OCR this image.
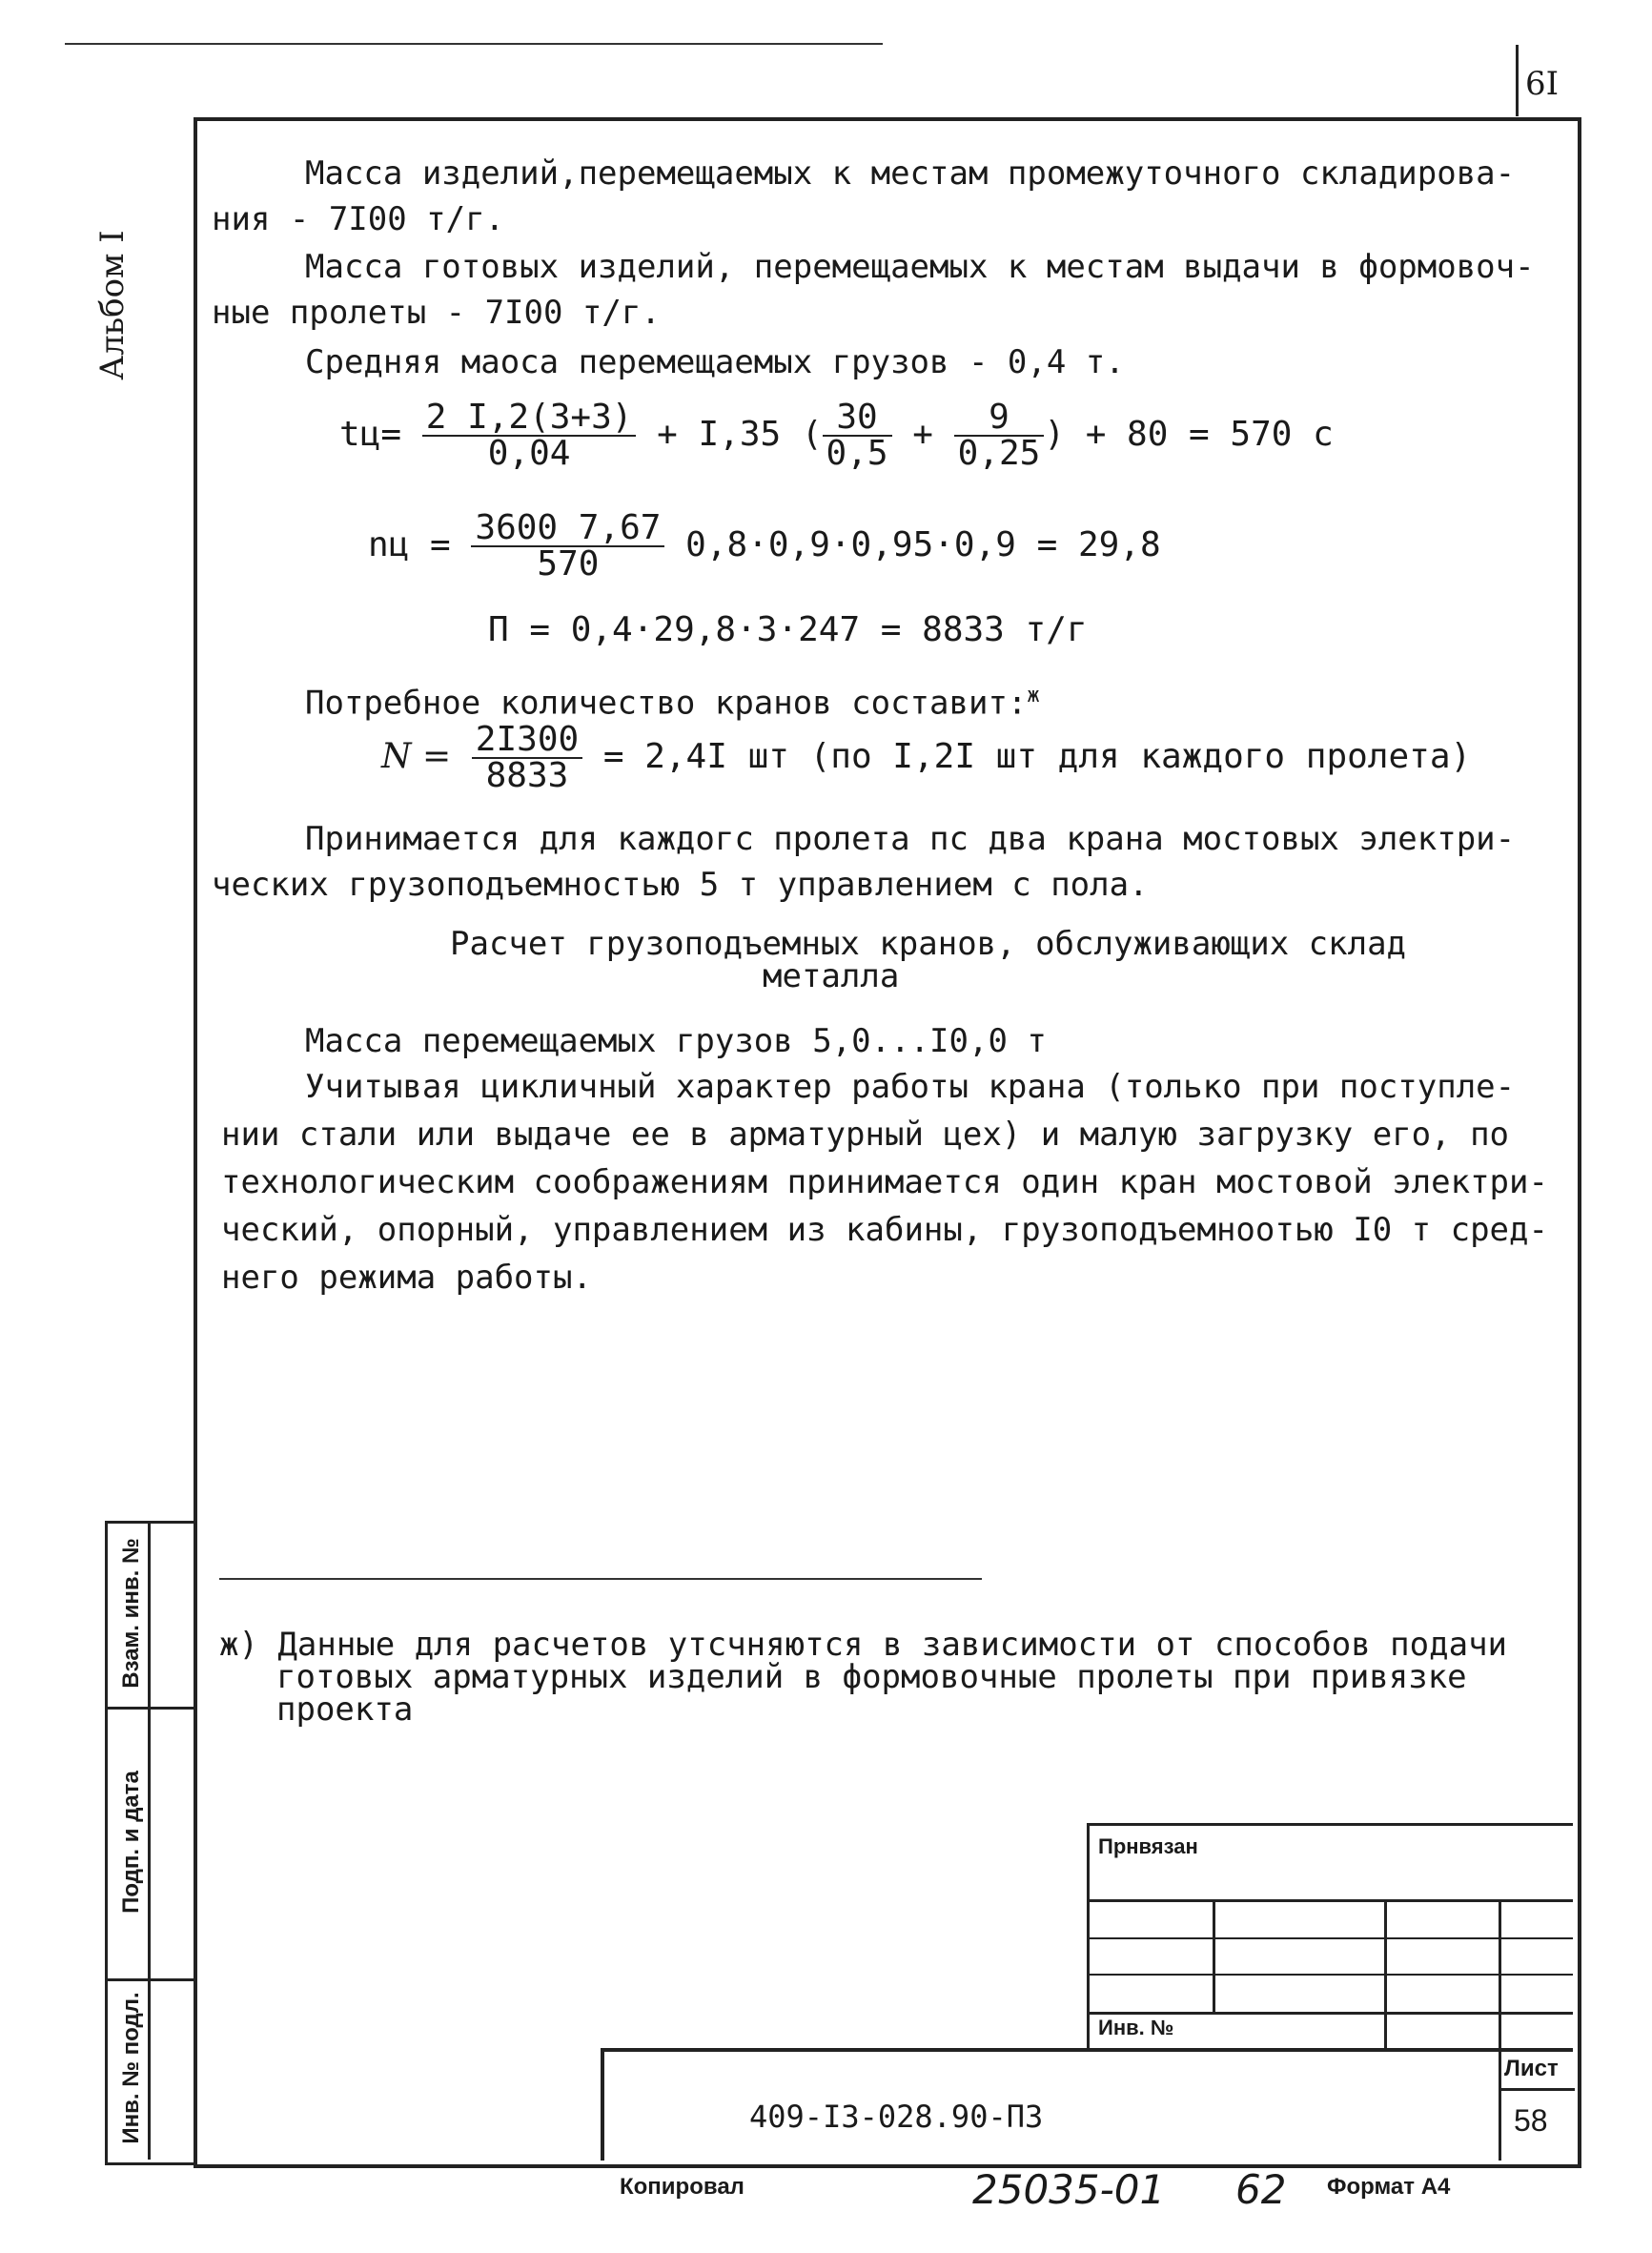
6I
Альбом I
Масса изделий,перемещаемых к местам промежуточного складирова-
ния - 7I00 т/г.
Масса готовых изделий, перемещаемых к местам выдачи в формовоч-
ные пролеты - 7I00 т/г.
Средняя маоса перемещаемых грузов - 0,4 т.
$tц= \frac{2 I,2(3+3)}{0,04} + I,35$ ( $\frac{30}{0,5} + \frac{9}{0,25}$ ) + 80 = 570 с
nц = $\frac{3600 7,67}{570} 0,8\cdot 0,9\cdot 0,95\cdot 0,9 = 29,8$
П = 0,4·29,8·3·247 = 8833 т/г
Потребное количество кранов составит:$^ж$
$N = \frac{2I300}{8833} = 2,4I$ шт (по I,2I шт для каждого пролета)
Принимается для каждогс пролета пс два крана мостовых электри-
ческих грузоподъемностью 5 т управлением с пола.
Расчет грузоподъемных кранов, обслуживающих склад
металла
Масса перемещаемых грузов 5,0...I0,0 т
Учитывая цикличный характер работы крана (только при поступле-
нии стали или выдаче ее в арматурный цех) и малую загрузку его, по
технологическим соображениям принимается один кран мостовой электри-
ческий, опорный, управлением из кабины, грузоподъемноотью I0 т сред-
него режима работы.
ж) Данные для расчетов утсчняются в зависимости от способов подачи
готовых арматурных изделий в формовочные пролеты при привязке
проекта
Взам. инв. №
Подп. и дата
Инв. № подл.
Прнвязан
Инв. №
409-I3-028.90-ПЗ
Лист
58
Копировал	25035-01 62 Формат А4
